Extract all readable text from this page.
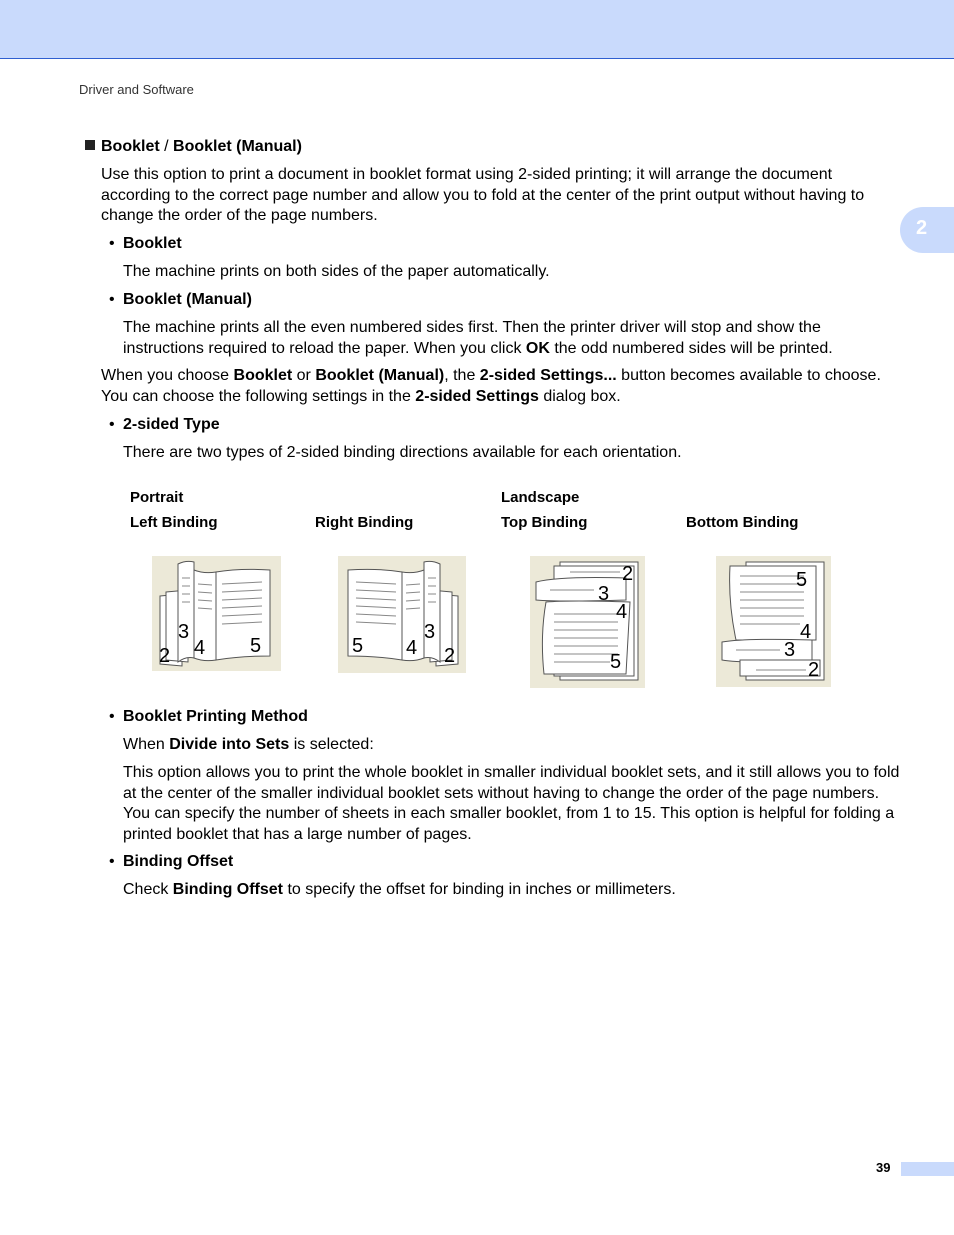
Driver and Software
2
Booklet / Booklet (Manual)

Use this option to print a document in booklet format using 2-sided printing; it will arrange the document according to the correct page number and allow you to fold at the center of the print output without having to change the order of the page numbers.

• Booklet

The machine prints on both sides of the paper automatically.

• Booklet (Manual)

The machine prints all the even numbered sides first. Then the printer driver will stop and show the instructions required to reload the paper. When you click OK the odd numbered sides will be printed.

When you choose Booklet or Booklet (Manual), the 2-sided Settings... button becomes available to choose. You can choose the following settings in the 2-sided Settings dialog box.

• 2-sided Type

There are two types of 2-sided binding directions available for each orientation.

Portrait	Landscape
Left Binding	Right Binding	Top Binding	Bottom Binding
2
3
4 5	5 4
3
2
2
3
4
5
5
4
3
2
• Booklet Printing Method

When Divide into Sets is selected:

This option allows you to print the whole booklet in smaller individual booklet sets, and it still allows you to fold at the center of the smaller individual booklet sets without having to change the order of the page numbers. You can specify the number of sheets in each smaller booklet, from 1 to 15. This option is helpful for folding a printed booklet that has a large number of pages.

• Binding Offset

Check Binding Offset to specify the offset for binding in inches or millimeters.

39
